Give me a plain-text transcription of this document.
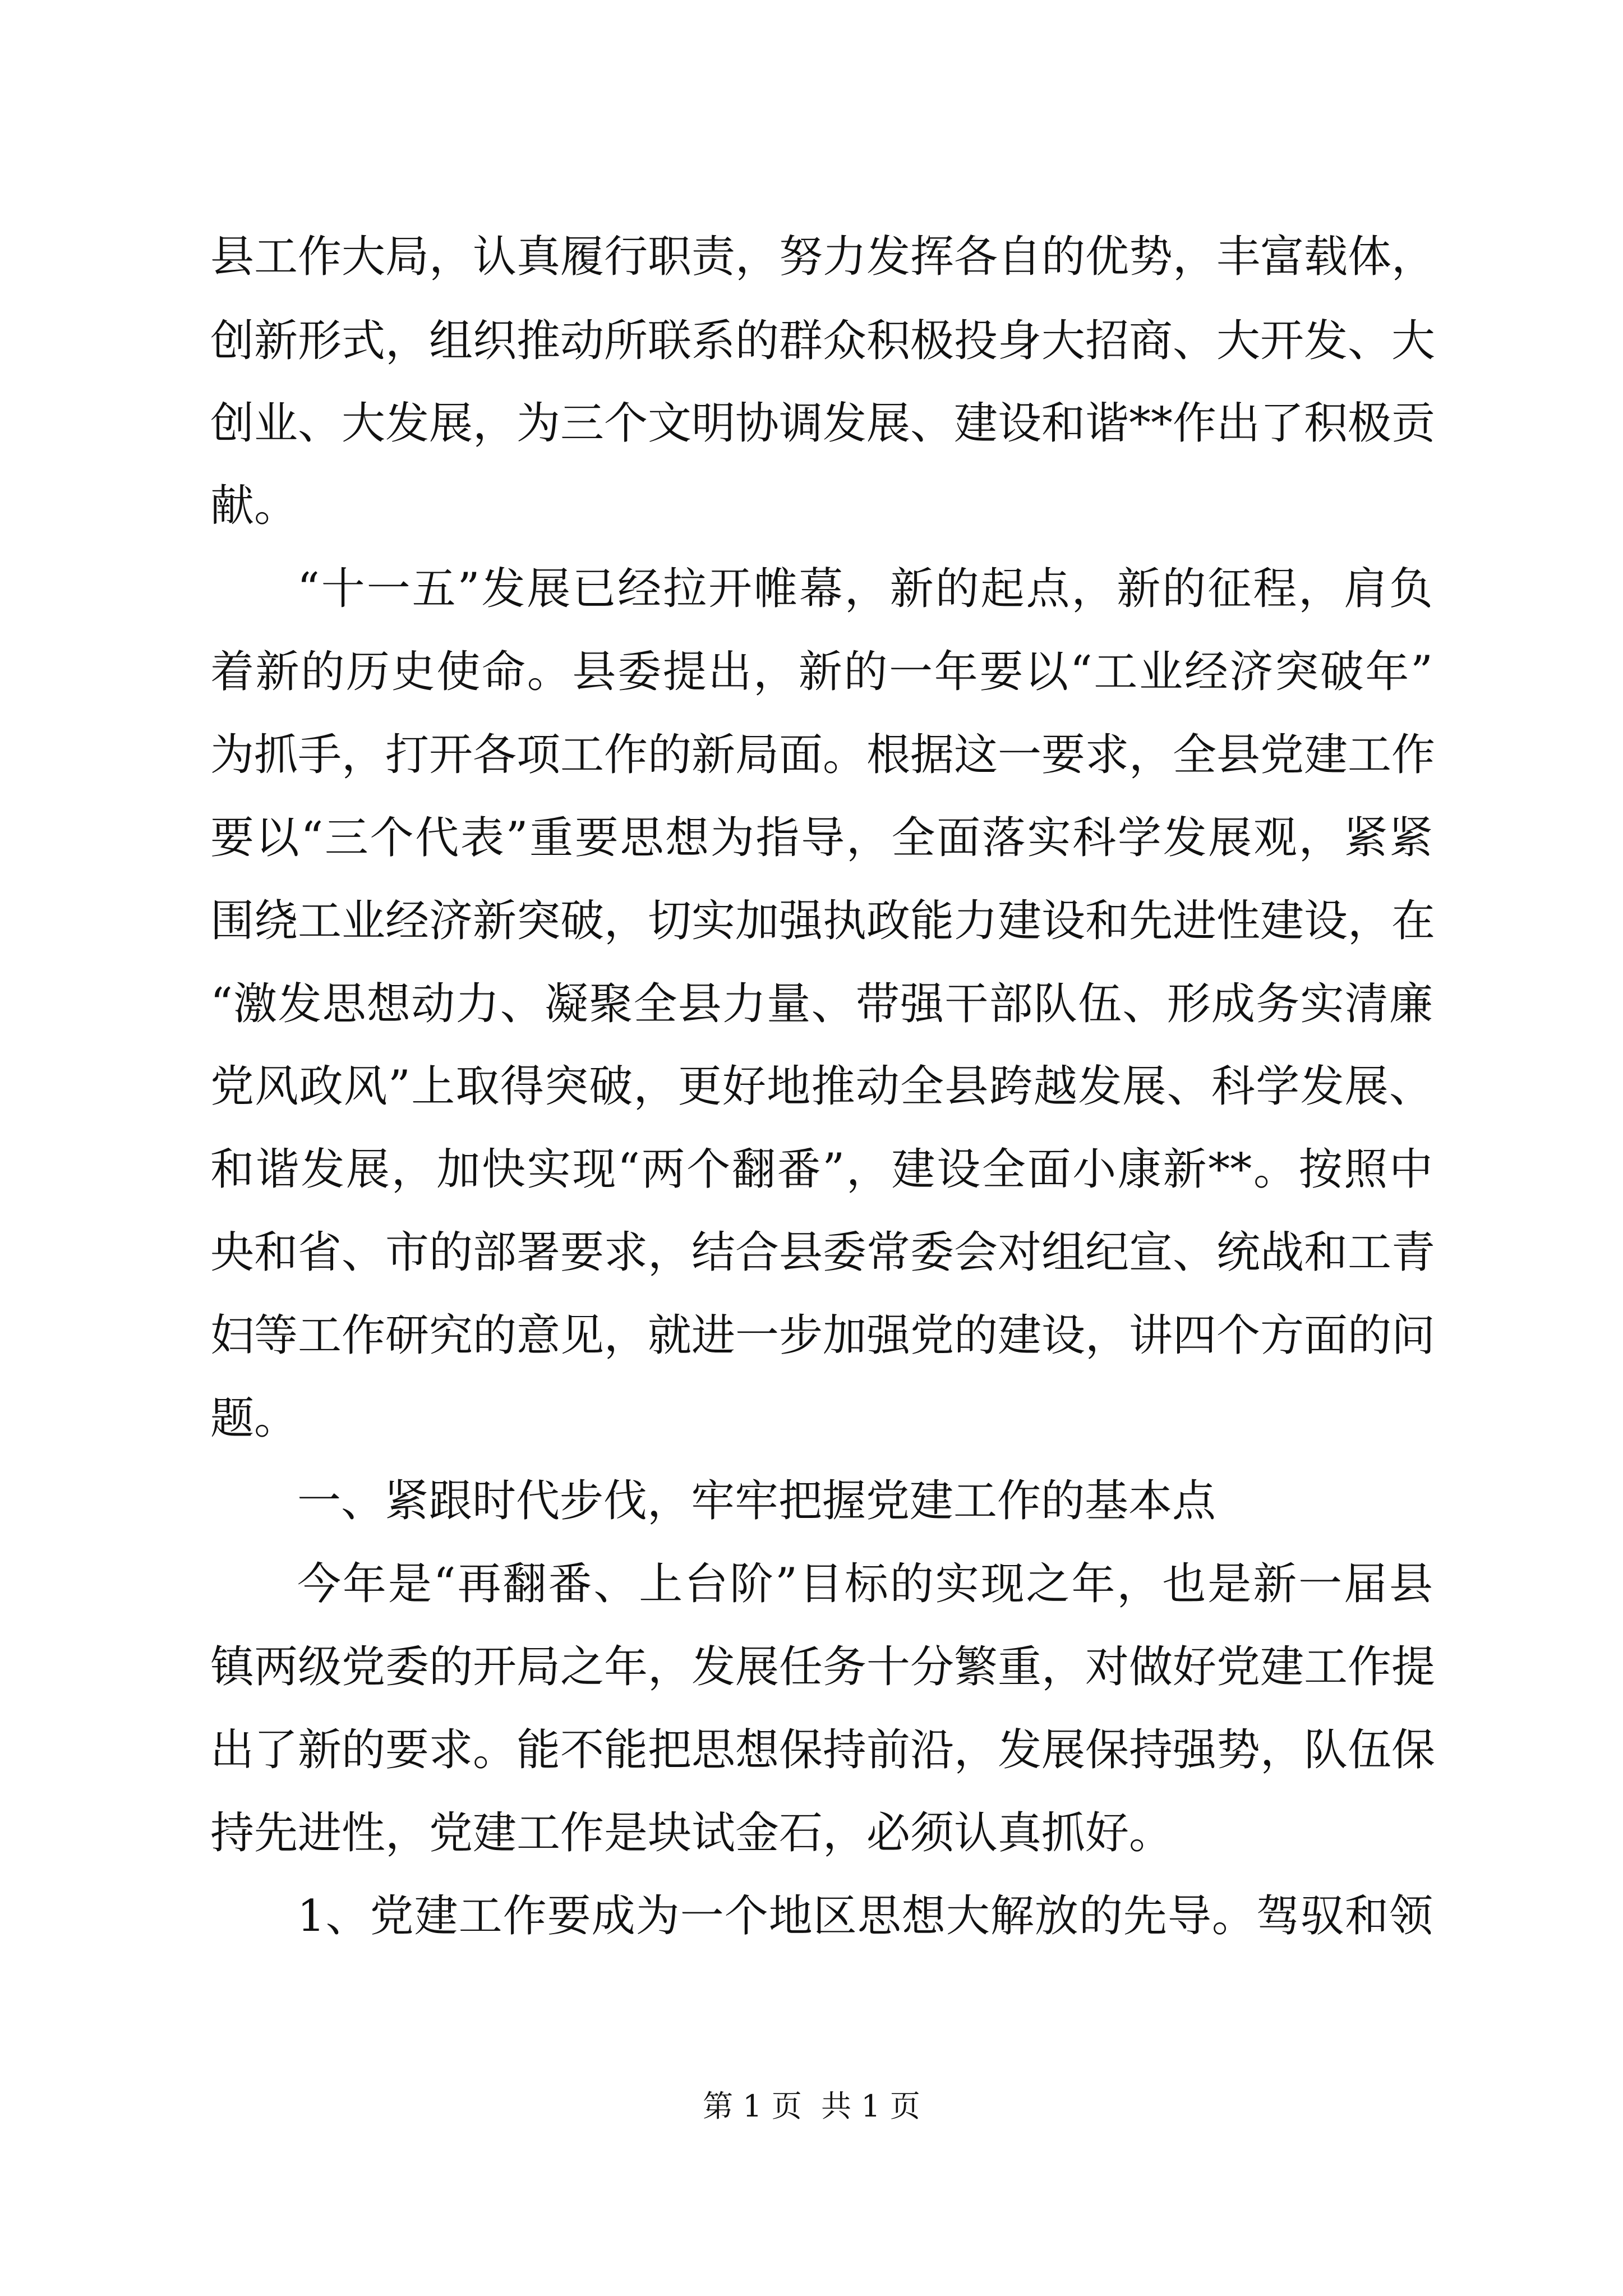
县工作大局，认真履行职责，努力发挥各自的优势，丰富载体，
创新形式，组织推动所联系的群众积极投身大招商、大开发、大
创业、大发展，为三个文明协调发展、建设和谐**作出了积极贡
献。
“十一五”发展已经拉开帷幕，新的起点，新的征程，肩负
着新的历史使命。县委提出，新的一年要以“工业经济突破年”
为抓手，打开各项工作的新局面。根据这一要求，全县党建工作
要以“三个代表”重要思想为指导，全面落实科学发展观，紧紧
围绕工业经济新突破，切实加强执政能力建设和先进性建设，在
“激发思想动力、凝聚全县力量、带强干部队伍、形成务实清廉
党风政风”上取得突破，更好地推动全县跨越发展、科学发展、
和谐发展，加快实现“两个翻番”，建设全面小康新**。按照中
央和省、市的部署要求，结合县委常委会对组纪宣、统战和工青
妇等工作研究的意见，就进一步加强党的建设，讲四个方面的问
题。
一、紧跟时代步伐，牢牢把握党建工作的基本点
今年是“再翻番、上台阶”目标的实现之年，也是新一届县
镇两级党委的开局之年，发展任务十分繁重，对做好党建工作提
出了新的要求。能不能把思想保持前沿，发展保持强势，队伍保
持先进性，党建工作是块试金石，必须认真抓好。
1、党建工作要成为一个地区思想大解放的先导。驾驭和领
第 1 页  共 1 页
